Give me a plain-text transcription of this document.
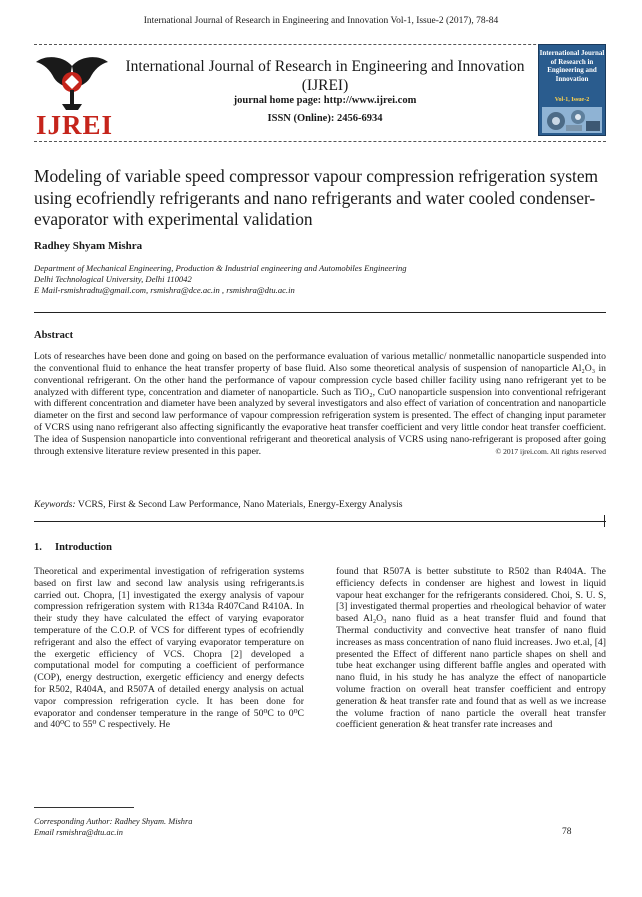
International Journal of Research in Engineering and Innovation Vol-1, Issue-2 (2017), 78-84
IJREI
International Journal of Research in Engineering and Innovation (IJREI)
journal home page: http://www.ijrei.com
ISSN (Online): 2456-6934
International Journal of Research in Engineering and Innovation
Vol-1, Issue-2
Modeling of variable speed compressor vapour compression refrigeration system using ecofriendly refrigerants and nano refrigerants and water cooled condenser-evaporator with experimental validation
Radhey Shyam Mishra
Department of Mechanical Engineering, Production & Industrial engineering and Automobiles Engineering
Delhi Technological University, Delhi 110042
E Mail-rsmishradtu@gmail.com, rsmishra@dce.ac.in , rsmishra@dtu.ac.in
Abstract
Lots of researches have been done and going on based on the performance evaluation of various metallic/ nonmetallic nanoparticle suspended into the conventional fluid to enhance the heat transfer property of base fluid. Also some theoretical analysis of suspension of nanoparticle Al₂O₃ in conventional refrigerant. On the other hand the performance of vapour compression cycle based chiller facility using nano refrigerant yet to be analyzed with different type, concentration and diameter of nanoparticle. Such as TiO₂, CuO nanoparticle suspension into conventional refrigerant with different concentration and diameter have been analyzed by several investigators and also effect of variation of concentration and nanoparticle diameter on the first and second law performance of vapour compression refrigeration system is presented. The effect of changing input parameter of VCRS using nano refrigerant also affecting significantly the evaporative heat transfer coefficient and very little condor heat transfer coefficient. The idea of Suspension nanoparticle into conventional refrigerant and theoretical analysis of VCRS using nano-refrigerant is proposed after going through extensive literature review presented in this paper.	© 2017 ijrei.com. All rights reserved
Keywords: VCRS, First & Second Law Performance, Nano Materials, Energy-Exergy Analysis
1.     Introduction
Theoretical and experimental investigation of refrigeration systems based on first law and second law analysis using refrigerants.is carried out. Chopra, [1] investigated the exergy analysis of vapour compression refrigeration system with R134a R407Cand R410A. In their study they have calculated the effect of varying evaporator temperature of the C.O.P. of VCS for different types of ecofriendly refrigerant and also the effect of varying evaporator temperature on the exergetic efficiency of VCS. Chopra [2] developed a computational model for computing a coefficient of performance (COP), energy destruction, exergetic efficiency and energy defects for R502, R404A, and R507A of detailed energy analysis on actual vapor compression refrigeration cycle. It has been done for evaporator and condenser temperature in the range of 50⁰C to 0⁰C and 40⁰C to 55⁰ C respectively. He
found that R507A is better substitute to R502 than R404A. The efficiency defects in condenser are highest and lowest in liquid vapour heat exchanger for the refrigerants considered. Choi, S. U. S, [3] investigated thermal properties and rheological behavior of water based Al₂O₃ nano fluid as a heat transfer fluid and found that Thermal conductivity and convective heat transfer of nano fluid increases as mass concentration of nano fluid increases. Jwo et.al, [4] presented the Effect of different nano particle shapes on shell and tube heat exchanger using different baffle angles and operated with nano fluid, in his study he has analyze the effect of nanoparticle volume fraction on overall heat transfer coefficient and entropy generation & heat transfer rate and found that as well as we increase the volume fraction of nano particle the overall heat transfer coefficient generation & heat transfer rate increases and
Corresponding Author: Radhey Shyam. Mishra
Email rsmishra@dtu.ac.in	78
